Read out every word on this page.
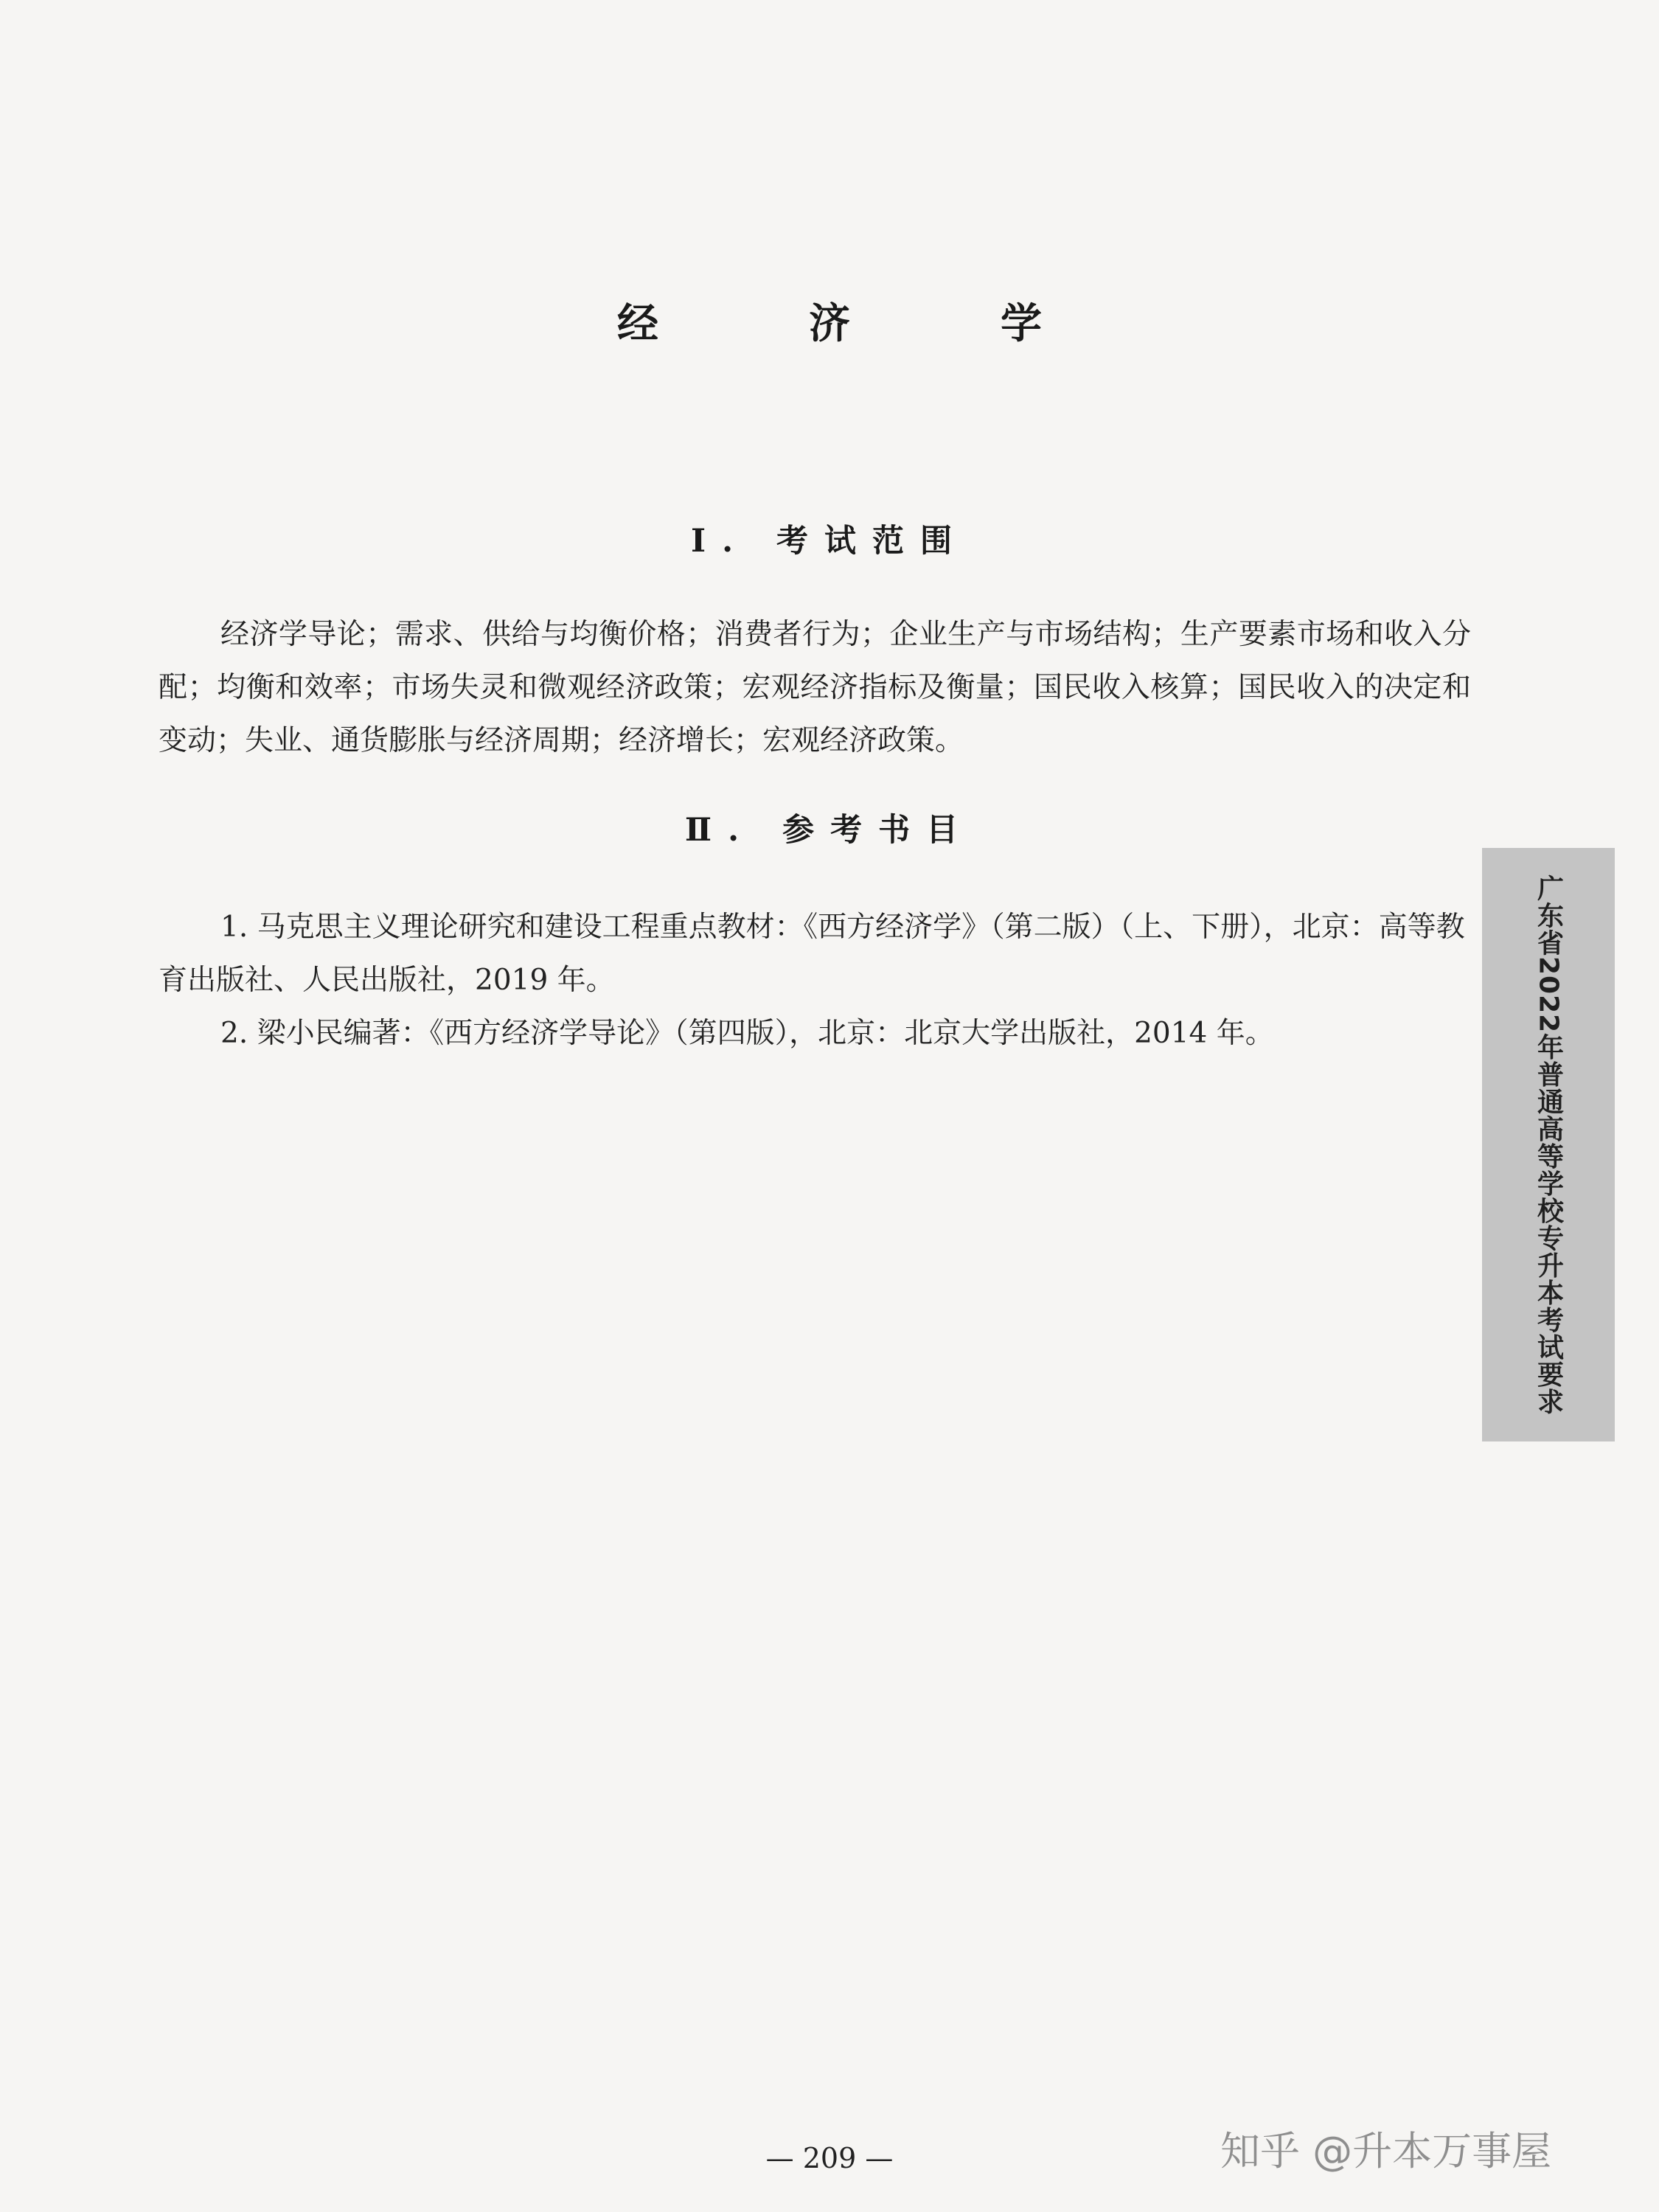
经　济　学
Ⅰ. 考试范围

经济学导论；需求、供给与均衡价格；消费者行为；企业生产与市场结构；生产要素市场和收入分配；均衡和效率；市场失灵和微观经济政策；宏观经济指标及衡量；国民收入核算；国民收入的决定和变动；失业、通货膨胀与经济周期；经济增长；宏观经济政策。

Ⅱ. 参考书目

1. 马克思主义理论研究和建设工程重点教材：《西方经济学》（第二版）（上、下册），北京：高等教育出版社、人民出版社，2019 年。

2. 梁小民编著：《西方经济学导论》（第四版），北京：北京大学出版社，2014 年。	广东省2022年普通高等学校专升本考试要求
— 209 —	知乎 @升本万事屋
